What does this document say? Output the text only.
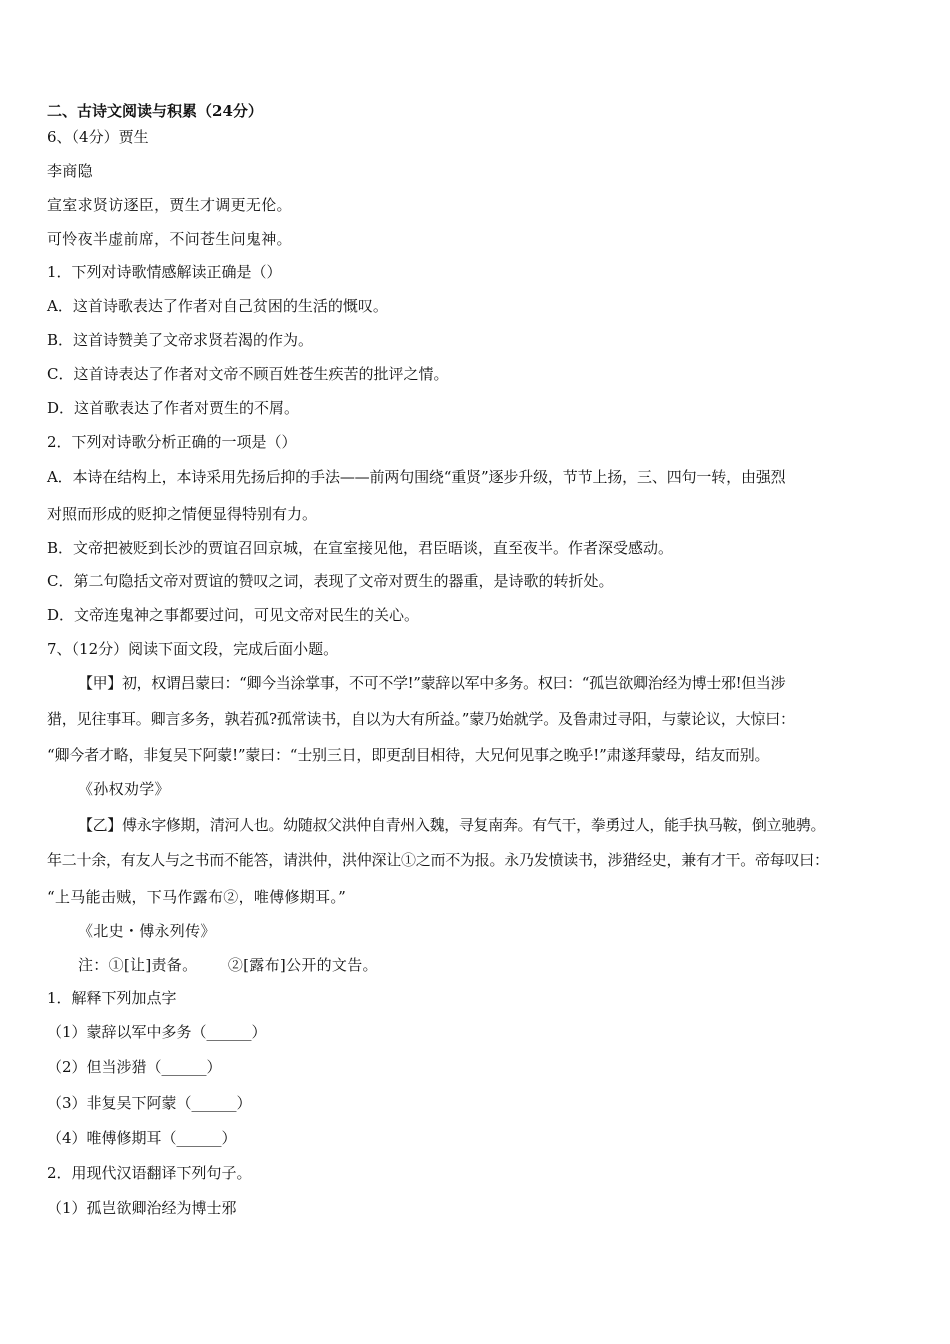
二、古诗文阅读与积累（24分）

6、（4分）贾生

李商隐

宣室求贤访逐臣，贾生才调更无伦。

可怜夜半虚前席，不问苍生问鬼神。

1．下列对诗歌情感解读正确是（）

A．这首诗歌表达了作者对自己贫困的生活的慨叹。

B．这首诗赞美了文帝求贤若渴的作为。

C．这首诗表达了作者对文帝不顾百姓苍生疾苦的批评之情。

D．这首歌表达了作者对贾生的不屑。

2．下列对诗歌分析正确的一项是（）

A．本诗在结构上，本诗采用先扬后抑的手法——前两句围绕“重贤”逐步升级，节节上扬，三、四句一转，由强烈

对照而形成的贬抑之情便显得特别有力。

B．文帝把被贬到长沙的贾谊召回京城，在宣室接见他，君臣晤谈，直至夜半。作者深受感动。

C．第二句隐括文帝对贾谊的赞叹之词，表现了文帝对贾生的器重，是诗歌的转折处。

D．文帝连鬼神之事都要过问，可见文帝对民生的关心。

7、（12分）阅读下面文段，完成后面小题。

【甲】初，权谓吕蒙曰：“卿今当涂掌事，不可不学!”蒙辞以军中多务。权曰：“孤岂欲卿治经为博士邪!但当涉

猎，见往事耳。卿言多务，孰若孤?孤常读书，自以为大有所益。”蒙乃始就学。及鲁肃过寻阳，与蒙论议，大惊曰：

“卿今者才略，非复吴下阿蒙!”蒙曰：“士别三日，即更刮目相待，大兄何见事之晚乎!”肃遂拜蒙母，结友而别。

《孙权劝学》

【乙】傅永字修期，清河人也。幼随叔父洪仲自青州入魏，寻复南奔。有气干，拳勇过人，能手执马鞍，倒立驰骋。

年二十余，有友人与之书而不能答，请洪仲，洪仲深让①之而不为报。永乃发愤读书，涉猎经史，兼有才干。帝每叹曰：

“上马能击贼，下马作露布②，唯傅修期耳。”

《北史・傅永列传》

注：①[让]责备。      ②[露布]公开的文告。

1．解释下列加点字

（1）蒙辞以军中多务（______）

（2）但当涉猎（______）

（3）非复吴下阿蒙（______）

（4）唯傅修期耳（______）

2．用现代汉语翻译下列句子。

（1）孤岂欲卿治经为博士邪
